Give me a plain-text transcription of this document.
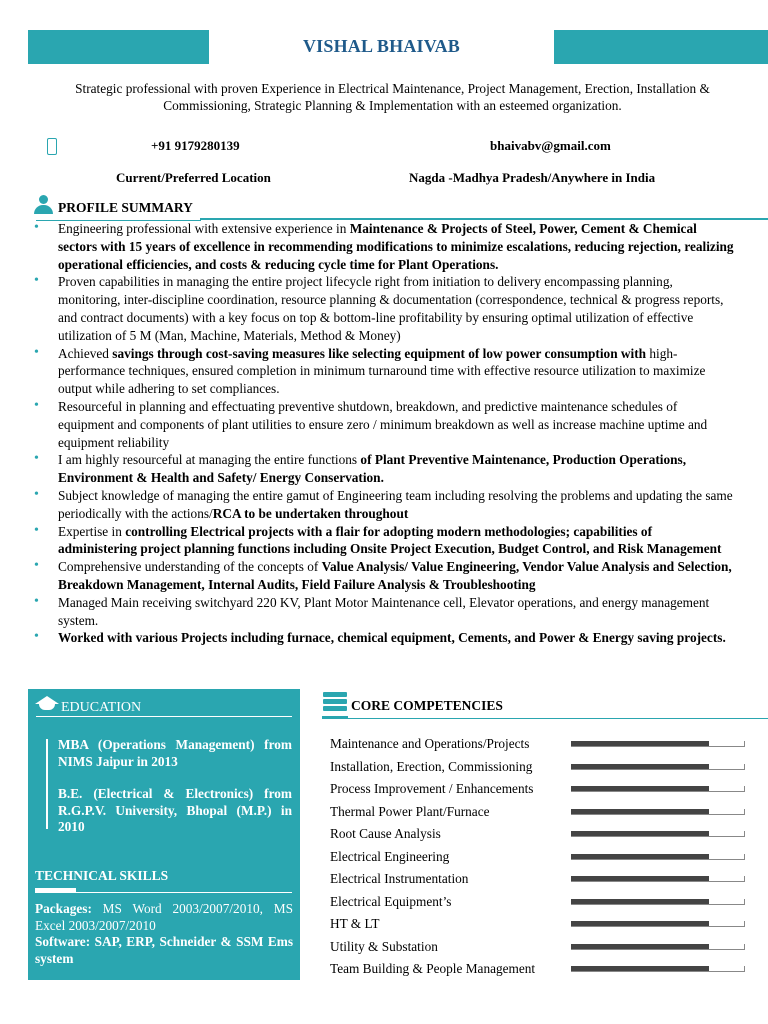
VISHAL BHAIVAB
Strategic professional with proven Experience in Electrical Maintenance, Project Management, Erection, Installation & Commissioning, Strategic Planning & Implementation with an esteemed organization.
+91 9179280139	bhaivabv@gmail.com
Current/Preferred Location	Nagda -Madhya Pradesh/Anywhere in India
PROFILE SUMMARY
• Engineering professional with extensive experience in Maintenance & Projects of Steel, Power, Cement & Chemical sectors with 15 years of excellence in recommending modifications to minimize escalations, reducing rejection, realizing operational efficiencies, and costs & reducing cycle time for Plant Operations.
• Proven capabilities in managing the entire project lifecycle right from initiation to delivery encompassing planning, monitoring, inter-discipline coordination, resource planning & documentation (correspondence, technical & progress reports, and contract documents) with a key focus on top & bottom-line profitability by ensuring optimal utilization of effective utilization of 5 M (Man, Machine, Materials, Method & Money)
• Achieved savings through cost-saving measures like selecting equipment of low power consumption with high-performance techniques, ensured completion in minimum turnaround time with effective resource utilization to maximize output while adhering to set compliances.
• Resourceful in planning and effectuating preventive shutdown, breakdown, and predictive maintenance schedules of equipment and components of plant utilities to ensure zero / minimum breakdown as well as increase machine uptime and equipment reliability
• I am highly resourceful at managing the entire functions of Plant Preventive Maintenance, Production Operations, Environment & Health and Safety/ Energy Conservation.
• Subject knowledge of managing the entire gamut of Engineering team including resolving the problems and updating the same periodically with the actions/RCA to be undertaken throughout
• Expertise in controlling Electrical projects with a flair for adopting modern methodologies; capabilities of administering project planning functions including Onsite Project Execution, Budget Control, and Risk Management
• Comprehensive understanding of the concepts of Value Analysis/ Value Engineering, Vendor Value Analysis and Selection, Breakdown Management, Internal Audits, Field Failure Analysis & Troubleshooting
• Managed Main receiving switchyard 220 KV, Plant Motor Maintenance cell, Elevator operations, and energy management system.
• Worked with various Projects including furnace, chemical equipment, Cements, and Power & Energy saving projects.
EDUCATION
MBA (Operations Management) from NIMS Jaipur in 2013
B.E. (Electrical & Electronics) from R.G.P.V. University, Bhopal (M.P.) in 2010
TECHNICAL SKILLS
Packages: MS Word 2003/2007/2010, MS Excel 2003/2007/2010
Software: SAP, ERP, Schneider & SSM Ems system
CORE COMPETENCIES
Maintenance and Operations/Projects
Installation, Erection, Commissioning
Process Improvement / Enhancements
Thermal Power Plant/Furnace
Root Cause Analysis
Electrical Engineering
Electrical Instrumentation
Electrical Equipment’s
HT & LT
Utility & Substation
Team Building & People Management
